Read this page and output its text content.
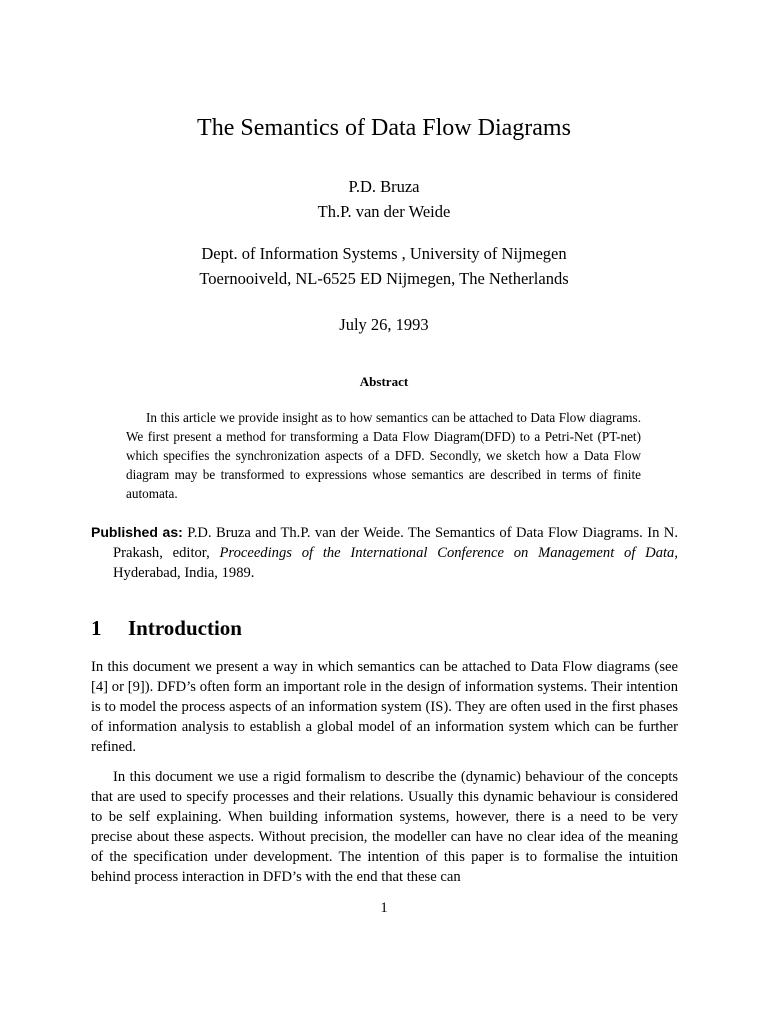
The Semantics of Data Flow Diagrams
P.D. Bruza
Th.P. van der Weide
Dept. of Information Systems , University of Nijmegen
Toernooiveld, NL-6525 ED Nijmegen, The Netherlands
July 26, 1993
Abstract
In this article we provide insight as to how semantics can be attached to Data Flow diagrams. We first present a method for transforming a Data Flow Diagram(DFD) to a Petri-Net (PT-net) which specifies the synchronization aspects of a DFD. Secondly, we sketch how a Data Flow diagram may be transformed to expressions whose semantics are described in terms of finite automata.
Published as: P.D. Bruza and Th.P. van der Weide. The Semantics of Data Flow Diagrams. In N. Prakash, editor, Proceedings of the International Conference on Management of Data, Hyderabad, India, 1989.
1 Introduction
In this document we present a way in which semantics can be attached to Data Flow diagrams (see [4] or [9]). DFD’s often form an important role in the design of information systems. Their intention is to model the process aspects of an information system (IS). They are often used in the first phases of information analysis to establish a global model of an information system which can be further refined.
In this document we use a rigid formalism to describe the (dynamic) behaviour of the concepts that are used to specify processes and their relations. Usually this dynamic behaviour is considered to be self explaining. When building information systems, however, there is a need to be very precise about these aspects. Without precision, the modeller can have no clear idea of the meaning of the specification under development. The intention of this paper is to formalise the intuition behind process interaction in DFD’s with the end that these can
1
